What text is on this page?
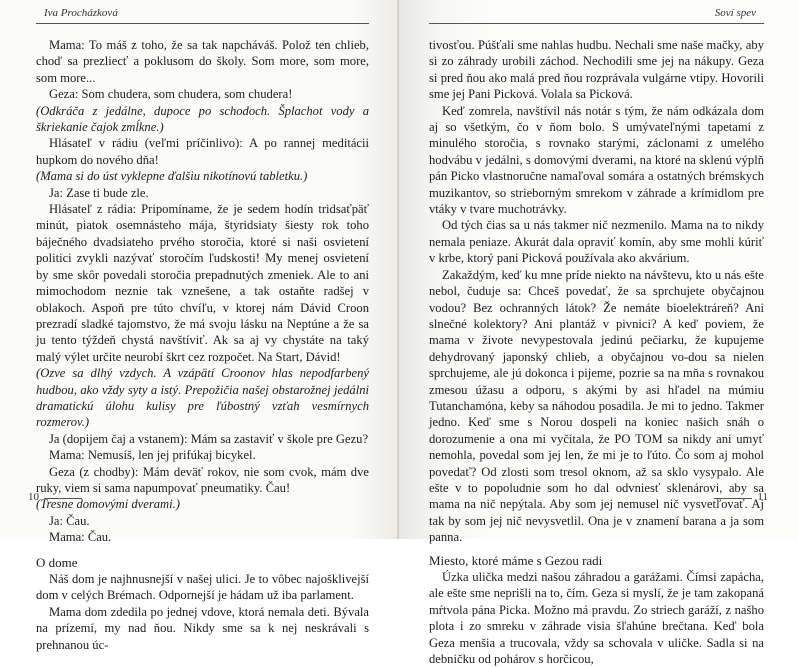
Iva Procházková

Mama: To máš z toho, že sa tak napcháváš. Polož ten chlieb, choď sa prezliecť a poklusom do školy. Som more, som more, som more...

Geza: Som chudera, som chudera, som chudera!

(Odkráča z jedálne, dupoce po schodoch. Šplachot vody a škriekanie čajok zmĺkne.)

Hlásateľ v rádiu (veľmi príčinlivo): A po rannej meditácii hupkom do nového dňa!

(Mama si do úst vyklepne ďalšiu nikotínovú tabletku.)

Ja: Zase ti bude zle.

Hlásateľ z rádia: Pripomíname, že je sedem hodín tridsaťpäť minút, piatok osemnásteho mája, štyridsiaty šiesty rok toho báječného dvadsiateho prvého storočia, ktoré si naši osvietení politici zvykli nazývať storočím ľudskosti! My menej osvietení by sme skôr povedali storočia prepadnutých zmeniek. Ale to ani mimochodom neznie tak vznešene, a tak ostaňte radšej v oblakoch. Aspoň pre túto chvíľu, v ktorej nám Dávid Croon prezradí sladké tajomstvo, že má svoju lásku na Neptúne a že sa ju tento týždeň chystá navštíviť. Ak sa aj vy chystáte na taký malý výlet určite neurobí škrt cez rozpočet. Na Start, Dávid!

(Ozve sa dlhý vzdych. A vzápätí Croonov hlas nepodfarbený hudbou, ako vždy syty a istý. Prepožičia našej obstarožnej jedálni dramatickú úlohu kulisy pre ľúbostný vzťah vesmírnych rozmerov.)

Ja (dopijem čaj a vstanem): Mám sa zastaviť v škole pre Gezu?

Mama: Nemusíš, len jej prifúkaj bicykel.

Geza (z chodby): Mám deväť rokov, nie som cvok, mám dve ruky, viem si sama napumpovať pneumatiky. Čau!

(Tresne domovými dverami.)

Ja: Čau.

Mama: Čau.

O dome

Náš dom je najhnusnejší v našej ulici. Je to vôbec najošklivejší dom v celých Brémach. Odpornejší je hádam už iba parlament.

Mama dom zdedila po jednej vdove, ktorá nemala deti. Bývala na prízemí, my nad ňou. Nikdy sme sa k nej neskrávali s prehnanou úc-

10
Soví spev

tivosťou. Púšťali sme nahlas hudbu. Nechali sme naše mačky, aby si zo záhrady urobili záchod. Nechodili sme jej na nákupy. Geza si pred ňou ako malá pred ňou rozprávala vulgárne vtipy. Hovorili sme jej Pani Picková. Volala sa Picková.

Keď zomrela, navštívil nás notár s tým, že nám odkázala dom aj so všetkým, čo v ňom bolo. S umývateľnými tapetami z minulého storočia, s rovnako starými, záclonami z umelého hodvábu v jedálni, s domovými dverami, na ktoré na sklenú výplň pán Picko vlastnoručne namaľoval somára a ostatných brémskych muzikantov, so strieborným smrekom v záhrade a krímidlom pre vtáky v tvare muchotrávky.

Od tých čias sa u nás takmer nič nezmenilo. Mama na to nikdy nemala peniaze. Akurát dala opraviť komín, aby sme mohli kúriť v krbe, ktorý pani Picková používala ako akvárium.

Zakaždým, keď ku mne príde niekto na návštevu, kto u nás ešte nebol, čuduje sa: Chceš povedať, že sa sprchujete obyčajnou vodou? Bez ochranných látok? Že nemáte bioelektráreň? Ani slnečné kolektory? Ani plantáž v pivnici? A keď poviem, že mama v živote nevypestovala jedinú pečiarku, že kupujeme dehydrovaný japonský chlieb, a obyčajnou vo-dou sa nielen sprchujeme, ale jú dokonca i pijeme, pozrie sa na mňa s rovnakou zmesou úžasu a odporu, s akými by asi hľadel na múmiu Tutanchamóna, keby sa náhodou posadila. Je mi to jedno. Takmer jedno. Keď sme s Norou dospeli na koniec našich snáh o dorozumenie a ona mi vyčítala, že PO TOM sa nikdy ani umyť nemohla, povedal som jej len, že mi je to ľúto. Čo som aj mohol povedať? Od zlosti som tresol oknom, až sa sklo vysypalo. Ale ešte v to popoludnie som ho dal odvniesť sklenárovi, aby sa mama na nič nepýtala. Aby som jej nemusel nič vysvetľovať. Aj tak by som jej nič nevysvetlil. Ona je v znamení barana a ja som panna.

Miesto, ktoré máme s Gezou radi

Úzka ulička medzi našou záhradou a garážami. Čímsi zapácha, ale ešte sme neprišli na to, čím. Geza si myslí, že je tam zakopaná mŕtvola pána Picka. Možno má pravdu. Zo striech garáží, z našho plota i zo smreku v záhrade visia šľahúne brečtana. Keď bola Geza menšia a trucovala, vždy sa schovala v uličke. Sadla si na debničku od pohárov s horčicou,

11
